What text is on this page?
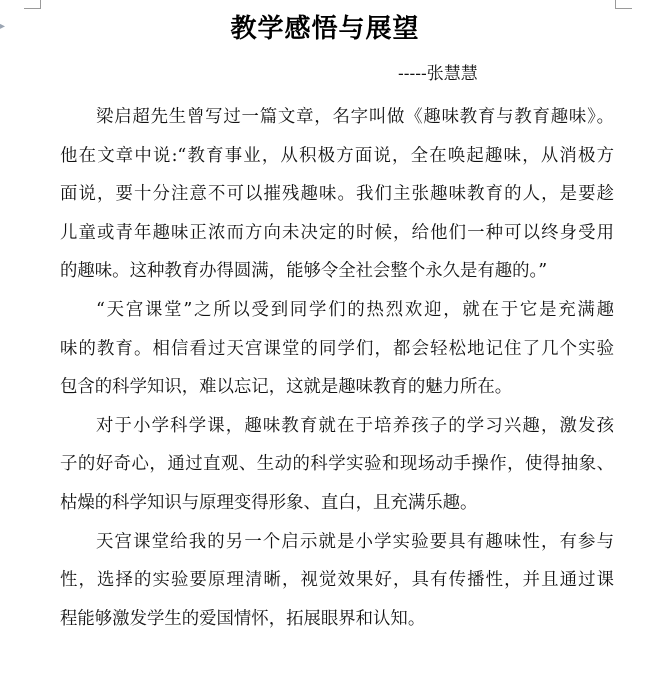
▸	教学感悟与展望
-----张慧慧
梁启超先生曾写过一篇文章，名字叫做《趣味教育与教育趣味》。
他在文章中说:“教育事业，从积极方面说，全在唤起趣味，从消极方
面说，要十分注意不可以摧残趣味。我们主张趣味教育的人，是要趁
儿童或青年趣味正浓而方向未决定的时候，给他们一种可以终身受用
的趣味。这种教育办得圆满，能够令全社会整个永久是有趣的。”
“天宫课堂”之所以受到同学们的热烈欢迎，就在于它是充满趣
味的教育。相信看过天宫课堂的同学们，都会轻松地记住了几个实验
包含的科学知识，难以忘记，这就是趣味教育的魅力所在。
对于小学科学课，趣味教育就在于培养孩子的学习兴趣，激发孩
子的好奇心，通过直观、生动的科学实验和现场动手操作，使得抽象、
枯燥的科学知识与原理变得形象、直白，且充满乐趣。
天宫课堂给我的另一个启示就是小学实验要具有趣味性，有参与
性，选择的实验要原理清晰，视觉效果好，具有传播性，并且通过课
程能够激发学生的爱国情怀，拓展眼界和认知。
